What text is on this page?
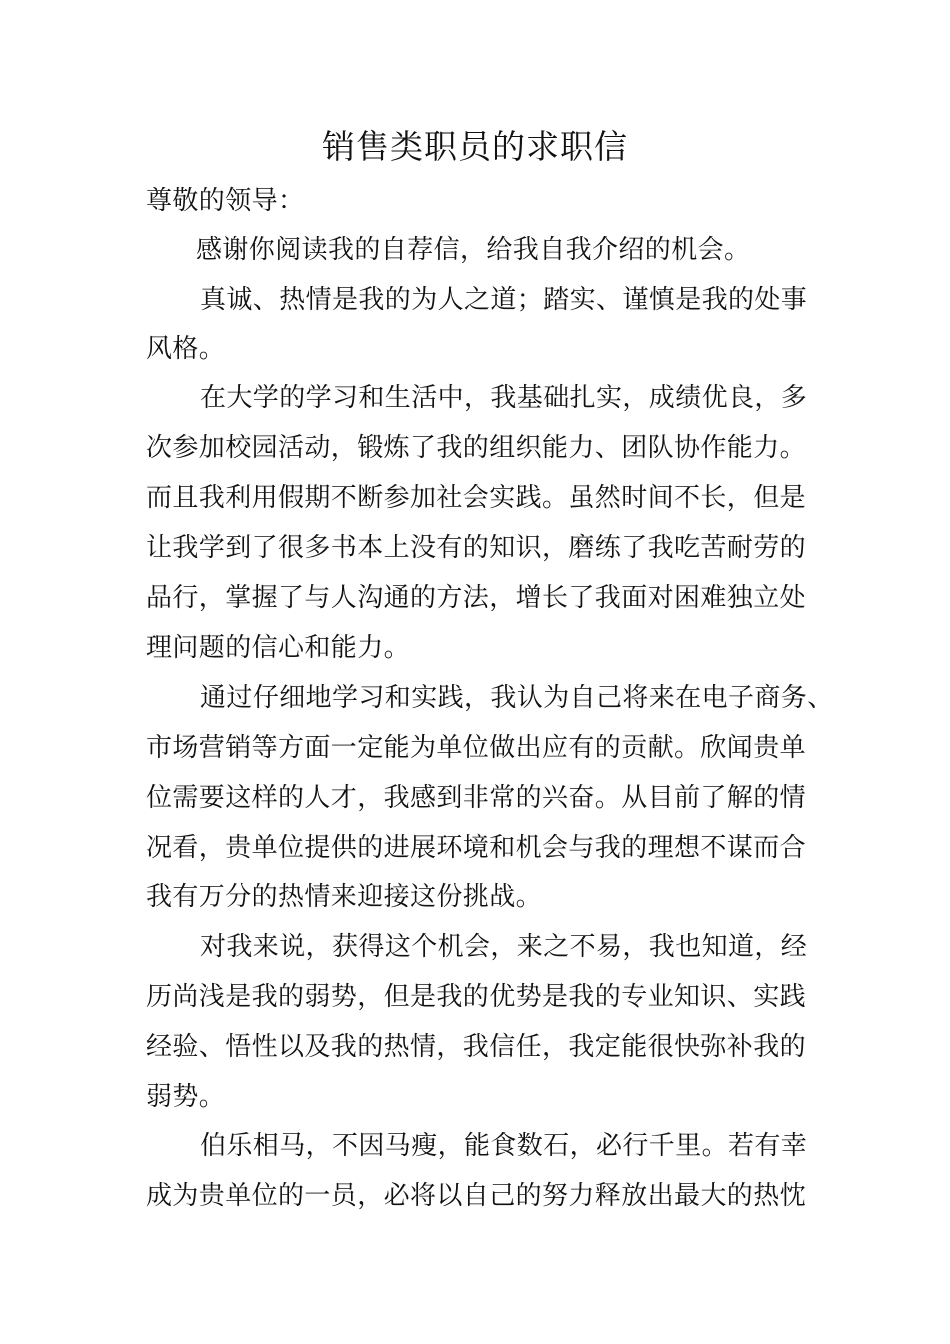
销售类职员的求职信
尊敬的领导：
感谢你阅读我的自荐信，给我自我介绍的机会。
真诚、热情是我的为人之道；踏实、谨慎是我的处事
风格。
在大学的学习和生活中，我基础扎实，成绩优良，多
次参加校园活动，锻炼了我的组织能力、团队协作能力。
而且我利用假期不断参加社会实践。虽然时间不长，但是
让我学到了很多书本上没有的知识，磨练了我吃苦耐劳的
品行，掌握了与人沟通的方法，增长了我面对困难独立处
理问题的信心和能力。
通过仔细地学习和实践，我认为自己将来在电子商务、
市场营销等方面一定能为单位做出应有的贡献。欣闻贵单
位需要这样的人才，我感到非常的兴奋。从目前了解的情
况看，贵单位提供的进展环境和机会与我的理想不谋而合
我有万分的热情来迎接这份挑战。
对我来说，获得这个机会，来之不易，我也知道，经
历尚浅是我的弱势，但是我的优势是我的专业知识、实践
经验、悟性以及我的热情，我信任，我定能很快弥补我的
弱势。
伯乐相马，不因马瘦，能食数石，必行千里。若有幸
成为贵单位的一员，必将以自己的努力释放出最大的热忱
